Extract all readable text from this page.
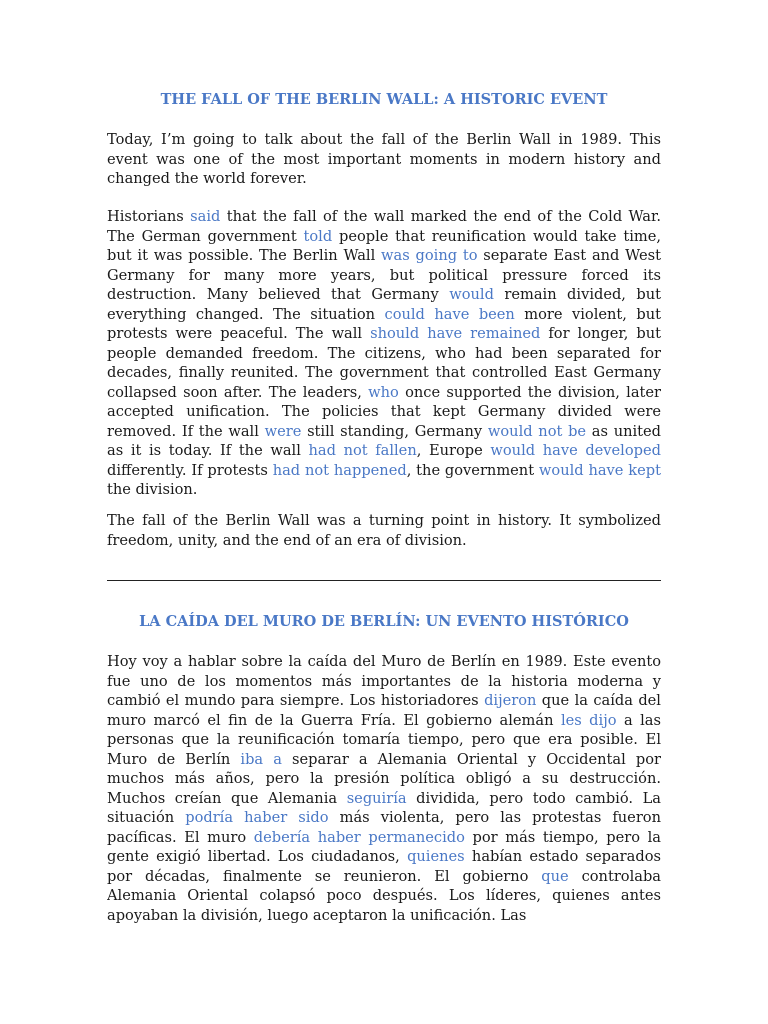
THE FALL OF THE BERLIN WALL: A HISTORIC EVENT

Today, I’m going to talk about the fall of the Berlin Wall in 1989. This event was one of the most important moments in modern history and changed the world forever.

Historians said that the fall of the wall marked the end of the Cold War. The German government told people that reunification would take time, but it was possible. The Berlin Wall was going to separate East and West Germany for many more years, but political pressure forced its destruction. Many believed that Germany would remain divided, but everything changed. The situation could have been more violent, but protests were peaceful. The wall should have remained for longer, but people demanded freedom. The citizens, who had been separated for decades, finally reunited. The government that controlled East Germany collapsed soon after. The leaders, who once supported the division, later accepted unification. The policies that kept Germany divided were removed. If the wall were still standing, Germany would not be as united as it is today. If the wall had not fallen, Europe would have developed differently. If protests had not happened, the government would have kept the division.

The fall of the Berlin Wall was a turning point in history. It symbolized freedom, unity, and the end of an era of division.

LA CAÍDA DEL MURO DE BERLÍN: UN EVENTO HISTÓRICO

Hoy voy a hablar sobre la caída del Muro de Berlín en 1989. Este evento fue uno de los momentos más importantes de la historia moderna y cambió el mundo para siempre. Los historiadores dijeron que la caída del muro marcó el fin de la Guerra Fría. El gobierno alemán les dijo a las personas que la reunificación tomaría tiempo, pero que era posible. El Muro de Berlín iba a separar a Alemania Oriental y Occidental por muchos más años, pero la presión política obligó a su destrucción. Muchos creían que Alemania seguiría dividida, pero todo cambió. La situación podría haber sido más violenta, pero las protestas fueron pacíficas. El muro debería haber permanecido por más tiempo, pero la gente exigió libertad. Los ciudadanos, quienes habían estado separados por décadas, finalmente se reunieron. El gobierno que controlaba Alemania Oriental colapsó poco después. Los líderes, quienes antes apoyaban la división, luego aceptaron la unificación. Las
